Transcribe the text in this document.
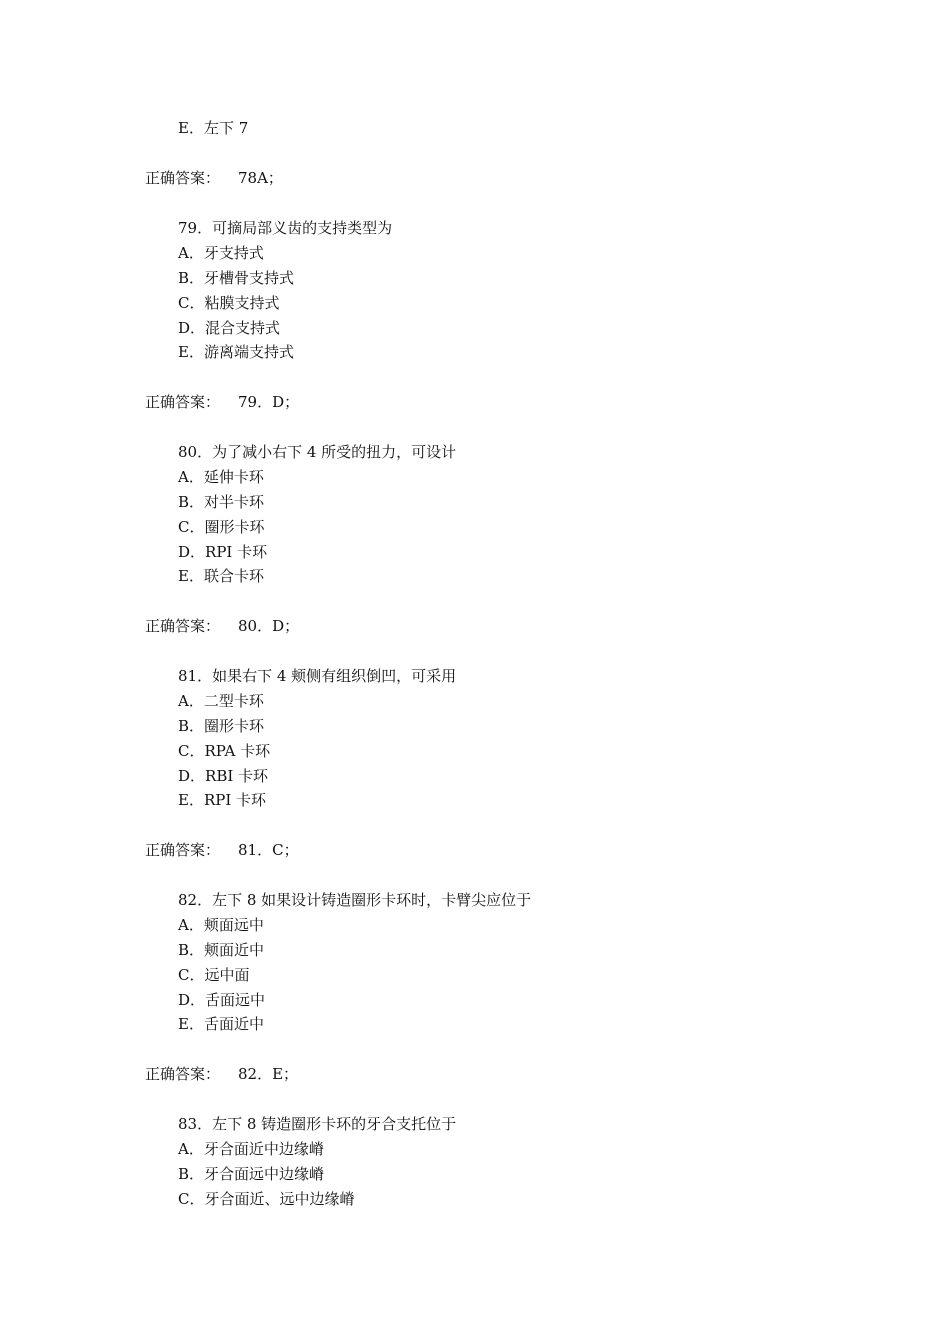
E．左下 7
正确答案： 78A；
79．可摘局部义齿的支持类型为
A．牙支持式
B．牙槽骨支持式
C．粘膜支持式
D．混合支持式
E．游离端支持式
正确答案： 79．D；
80．为了减小右下 4 所受的扭力，可设计
A．延伸卡环
B．对半卡环
C．圈形卡环
D．RPI 卡环
E．联合卡环
正确答案： 80．D；
81．如果右下 4 颊侧有组织倒凹，可采用
A．二型卡环
B．圈形卡环
C．RPA 卡环
D．RBI 卡环
E．RPI 卡环
正确答案： 81．C；
82．左下 8 如果设计铸造圈形卡环时，卡臂尖应位于
A．颊面远中
B．颊面近中
C．远中面
D．舌面远中
E．舌面近中
正确答案： 82．E；
83．左下 8 铸造圈形卡环的牙合支托位于
A．牙合面近中边缘嵴
B．牙合面远中边缘嵴
C．牙合面近、远中边缘嵴
